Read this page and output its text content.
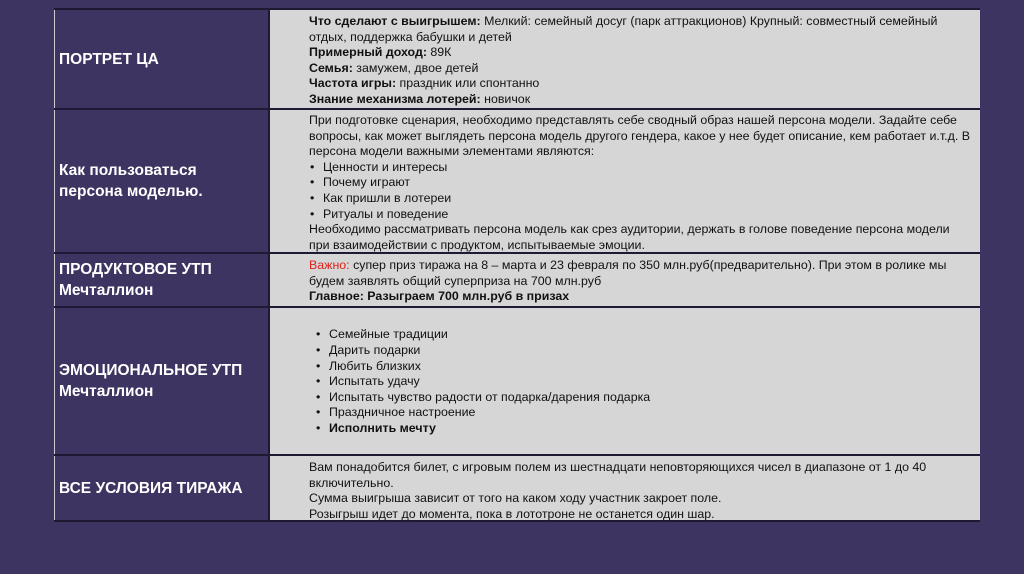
ПОРТРЕТ ЦА
Что сделают с выигрышем: Мелкий: семейный досуг (парк аттракционов) Крупный: совместный семейный отдых, поддержка бабушки и детей
Примерный доход: 89К
Семья: замужем, двое детей
Частота игры: праздник или спонтанно
Знание механизма лотерей: новичок
Как пользоваться персона моделью.
При подготовке сценария, необходимо представлять себе сводный образ нашей персона модели. Задайте себе вопросы, как может выглядеть персона модель другого гендера, какое у нее будет описание, кем работает и.т.д. В персона модели важными элементами являются:
• Ценности и интересы
• Почему играют
• Как пришли в лотереи
• Ритуалы и поведение
Необходимо рассматривать персона модель как срез аудитории, держать в голове поведение персона модели при взаимодействии с продуктом, испытываемые эмоции.
ПРОДУКТОВОЕ УТП Мечталлион
Важно: супер приз тиража на 8 – марта и 23 февраля по 350 млн.руб(предварительно). При этом в ролике мы будем заявлять общий суперприза на 700 млн.руб
Главное: Разыграем 700 млн.руб в призах
ЭМОЦИОНАЛЬНОЕ УТП Мечталлион
• Семейные традиции
• Дарить подарки
• Любить близких
• Испытать удачу
• Испытать чувство радости от подарка/дарения подарка
• Праздничное настроение
• Исполнить мечту
ВСЕ УСЛОВИЯ ТИРАЖА
Вам понадобится билет, с игровым полем из шестнадцати неповторяющихся чисел в диапазоне от 1 до 40 включительно.
Сумма выигрыша зависит от того на каком ходу участник закроет поле.
Розыгрыш идет до момента, пока в лототроне не останется один шар.
